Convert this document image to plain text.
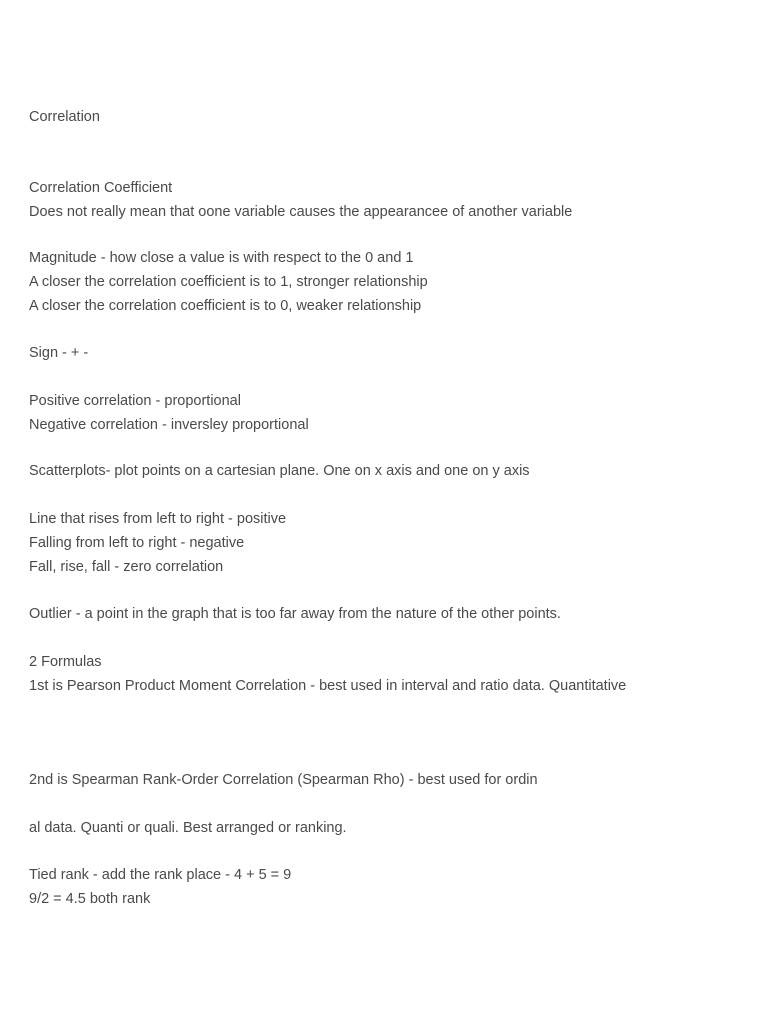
Correlation
Correlation Coefficient
Does not really mean that oone variable causes the appearancee of another variable
Magnitude - how close a value is with respect to the 0 and 1
A closer the correlation coefficient is to 1, stronger relationship
A closer the correlation coefficient is to 0, weaker relationship
Sign - + -
Positive correlation - proportional
Negative correlation - inversley proportional
Scatterplots- plot points on a cartesian plane. One on x axis and one on y axis
Line that rises from left to right - positive
Falling from left to right - negative
Fall, rise, fall - zero correlation
Outlier - a point in the graph that is too far away from the nature of the other points.
2 Formulas
1st is Pearson Product Moment Correlation - best used in interval and ratio data. Quantitative
2nd is Spearman Rank-Order Correlation (Spearman Rho) - best used for ordin
al data. Quanti or quali. Best arranged or ranking.
Tied rank - add the rank place - 4 + 5 = 9
9/2 = 4.5 both rank
